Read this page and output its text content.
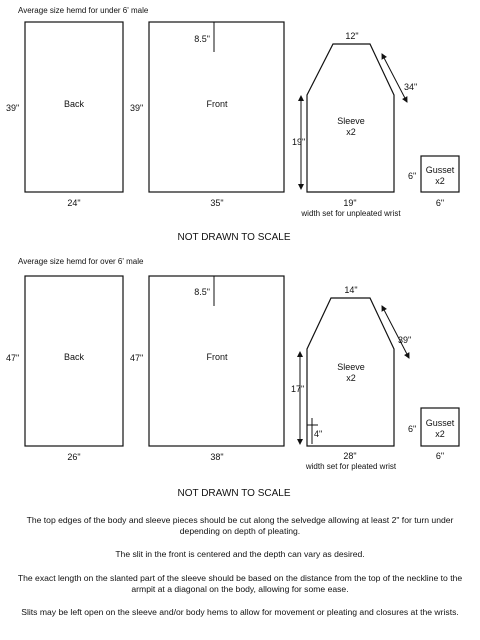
Average size hemd for under 6' male
Back
39"
24"
8.5"
Front
39"
35"
Sleeve
x2
12"
34"
19"
19"
width set for unpleated wrist
Gusset
x2
6"
6"
NOT DRAWN TO SCALE
Average size hemd for over 6' male
Back
47"
26"
8.5"
Front
47"
38"
Sleeve
x2
14"
39"
17"
4"
28"
width set for pleated wrist
Gusset
x2
6"
6"
NOT DRAWN TO SCALE
The top edges of the body and sleeve pieces should be cut along the selvedge allowing at least 2" for turn under depending on depth of pleating.
The slit in the front is centered and the depth can vary as desired.
The exact length on the slanted part of the sleeve should be based on the distance from the top of the neckline to the armpit at a diagonal on the body, allowing for some ease.
Slits may be left open on the sleeve and/or body hems to allow for movement or pleating and closures at the wrists.
